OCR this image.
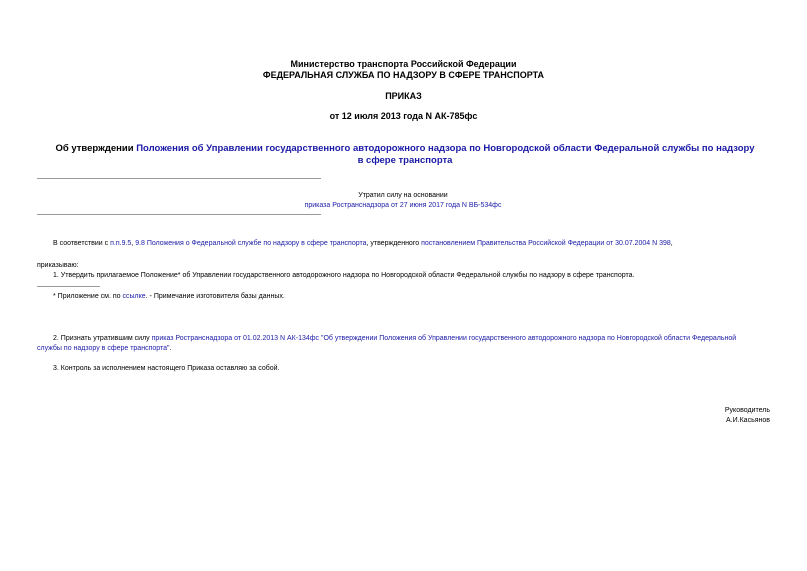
Министерство транспорта Российской Федерации
ФЕДЕРАЛЬНАЯ СЛУЖБА ПО НАДЗОРУ В СФЕРЕ ТРАНСПОРТА
ПРИКАЗ
от 12 июля 2013 года N АК-785фс
Об утверждении Положения об Управлении государственного автодорожного надзора по Новгородской области Федеральной службы по надзору в сфере транспорта
Утратил силу на основании
приказа Ространснадзора от 27 июня 2017 года N ВБ-534фс
В соответствии с п.п.9.5, 9.8 Положения о Федеральной службе по надзору в сфере транспорта, утвержденного постановлением Правительства Российской Федерации от 30.07.2004 N 398,
приказываю:
1. Утвердить прилагаемое Положение* об Управлении государственного автодорожного надзора по Новгородской области Федеральной службы по надзору в сфере транспорта.
* Приложение см. по ссылке. - Примечание изготовителя базы данных.
2. Признать утратившим силу приказ Ространснадзора от 01.02.2013 N АК-134фс "Об утверждении Положения об Управлении государственного автодорожного надзора по Новгородской области Федеральной
службы по надзору в сфере транспорта".
3. Контроль за исполнением настоящего Приказа оставляю за собой.
Руководитель
А.И.Касьянов
